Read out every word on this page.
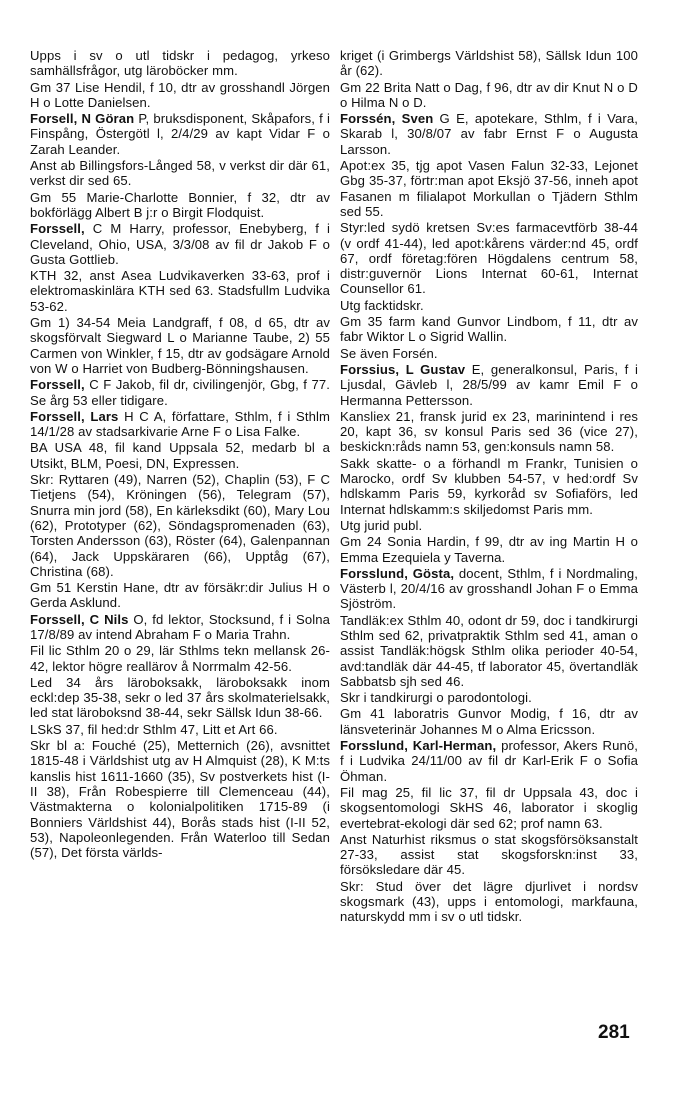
Upps i sv o utl tidskr i pedagog, yrkeso samhällsfrågor, utg läroböcker mm.

Gm 37 Lise Hendil, f 10, dtr av grosshandl Jörgen H o Lotte Danielsen.

Forsell, N Göran P, bruksdisponent, Skåpafors, f i Finspång, Östergötl l, 2/4/29 av kapt Vidar F o Zarah Leander.

Anst ab Billingsfors-Långed 58, v verkst dir där 61, verkst dir sed 65.

Gm 55 Marie-Charlotte Bonnier, f 32, dtr av bokförlägg Albert B j:r o Birgit Flodquist.

Forssell, C M Harry, professor, Enebyberg, f i Cleveland, Ohio, USA, 3/3/08 av fil dr Jakob F o Gusta Gottlieb.

KTH 32, anst Asea Ludvikaverken 33-63, prof i elektromaskinlära KTH sed 63. Stadsfullm Ludvika 53-62.

Gm 1) 34-54 Meia Landgraff, f 08, d 65, dtr av skogsförvalt Siegward L o Marianne Taube, 2) 55 Carmen von Winkler, f 15, dtr av godsägare Arnold von W o Harriet von Budberg-Bönningshausen.

Forssell, C F Jakob, fil dr, civilingenjör, Gbg, f 77. Se årg 53 eller tidigare.

Forssell, Lars H C A, författare, Sthlm, f i Sthlm 14/1/28 av stadsarkivarie Arne F o Lisa Falke.

BA USA 48, fil kand Uppsala 52, medarb bl a Utsikt, BLM, Poesi, DN, Expressen.

Skr: Ryttaren (49), Narren (52), Chaplin (53), F C Tietjens (54), Kröningen (56), Telegram (57), Snurra min jord (58), En kärleksdikt (60), Mary Lou (62), Prototyper (62), Söndagspromenaden (63), Torsten Andersson (63), Röster (64), Galenpannan (64), Jack Uppskäraren (66), Upptåg (67), Christina (68).

Gm 51 Kerstin Hane, dtr av försäkr:dir Julius H o Gerda Asklund.

Forssell, C Nils O, fd lektor, Stocksund, f i Solna 17/8/89 av intend Abraham F o Maria Trahn.

Fil lic Sthlm 20 o 29, lär Sthlms tekn mellansk 26-42, lektor högre reallärov å Norrmalm 42-56.

Led 34 års läroboksakk, läroboksakk inom eckl:dep 35-38, sekr o led 37 års skolmaterielsakk, led stat läroboksnd 38-44, sekr Sällsk Idun 38-66.

LSkS 37, fil hed:dr Sthlm 47, Litt et Art 66.

Skr bl a: Fouché (25), Metternich (26), avsnittet 1815-48 i Världshist utg av H Almquist (28), K M:ts kanslis hist 1611-1660 (35), Sv postverkets hist (I-II 38), Från Robespierre till Clemenceau (44), Västmakterna o kolonialpolitiken 1715-89 (i Bonniers Världshist 44), Borås stads hist (I-II 52, 53), Napoleonlegenden. Från Waterloo till Sedan (57), Det första världs-

kriget (i Grimbergs Världshist 58), Sällsk Idun 100 år (62).

Gm 22 Brita Natt o Dag, f 96, dtr av dir Knut N o D o Hilma N o D.

Forssén, Sven G E, apotekare, Sthlm, f i Vara, Skarab l, 30/8/07 av fabr Ernst F o Augusta Larsson.

Apot:ex 35, tjg apot Vasen Falun 32-33, Lejonet Gbg 35-37, förtr:man apot Eksjö 37-56, inneh apot Fasanen m filialapot Morkullan o Tjädern Sthlm sed 55.

Styr:led sydö kretsen Sv:es farmacevtförb 38-44 (v ordf 41-44), led apot:kårens värder:nd 45, ordf 67, ordf företag:fören Högdalens centrum 58, distr:guvernör Lions Internat 60-61, Internat Counsellor 61.

Utg facktidskr.

Gm 35 farm kand Gunvor Lindbom, f 11, dtr av fabr Wiktor L o Sigrid Wallin.

Se även Forsén.

Forssius, L Gustav E, generalkonsul, Paris, f i Ljusdal, Gävleb l, 28/5/99 av kamr Emil F o Hermanna Pettersson.

Kansliex 21, fransk jurid ex 23, marinintend i res 20, kapt 36, sv konsul Paris sed 36 (vice 27), beskickn:råds namn 53, gen:konsuls namn 58.

Sakk skatte- o a förhandl m Frankr, Tunisien o Marocko, ordf Sv klubben 54-57, v hed:ordf Sv hdlskamm Paris 59, kyrkoråd sv Sofiaförs, led Internat hdlskamm:s skiljedomst Paris mm.

Utg jurid publ.

Gm 24 Sonia Hardin, f 99, dtr av ing Martin H o Emma Ezequiela y Taverna.

Forsslund, Gösta, docent, Sthlm, f i Nordmaling, Västerb l, 20/4/16 av grosshandl Johan F o Emma Sjöström.

Tandläk:ex Sthlm 40, odont dr 59, doc i tandkirurgi Sthlm sed 62, privatpraktik Sthlm sed 41, aman o assist Tandläk:högsk Sthlm olika perioder 40-54, avd:tandläk där 44-45, tf laborator 45, övertandläk Sabbatsb sjh sed 46.

Skr i tandkirurgi o parodontologi.

Gm 41 laboratris Gunvor Modig, f 16, dtr av länsveterinär Johannes M o Alma Ericsson.

Forsslund, Karl-Herman, professor, Akers Runö, f i Ludvika 24/11/00 av fil dr Karl-Erik F o Sofia Öhman.

Fil mag 25, fil lic 37, fil dr Uppsala 43, doc i skogsentomologi SkHS 46, laborator i skoglig evertebrat-ekologi där sed 62; prof namn 63.

Anst Naturhist riksmus o stat skogsförsöksanstalt 27-33, assist stat skogsforskn:inst 33, försöksledare där 45.

Skr: Stud över det lägre djurlivet i nordsv skogsmark (43), upps i entomologi, markfauna, naturskydd mm i sv o utl tidskr.

281
